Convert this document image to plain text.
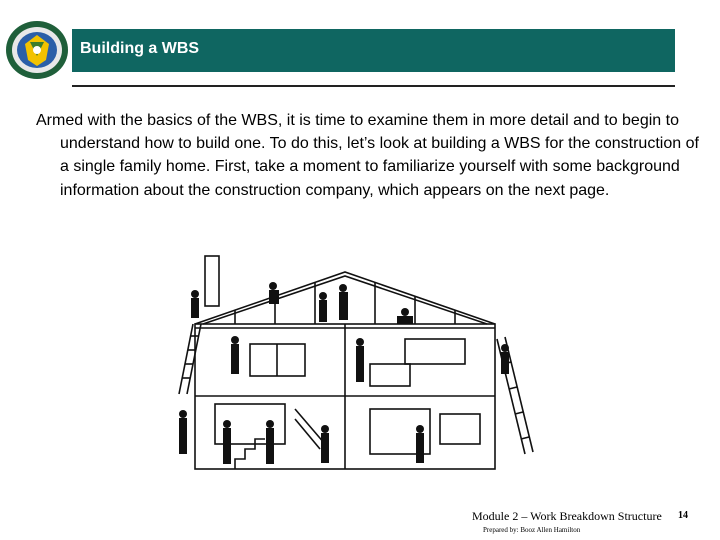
Building a WBS
Armed with the basics of the WBS, it is time to examine them in more detail and to begin to understand how to build one. To do this, let’s look at building a WBS for the construction of a single family home. First, take a moment to familiarize yourself with some background information about the construction company, which appears on the next page.
Module 2 – Work Breakdown Structure 14
Prepared by: Booz Allen Hamilton
